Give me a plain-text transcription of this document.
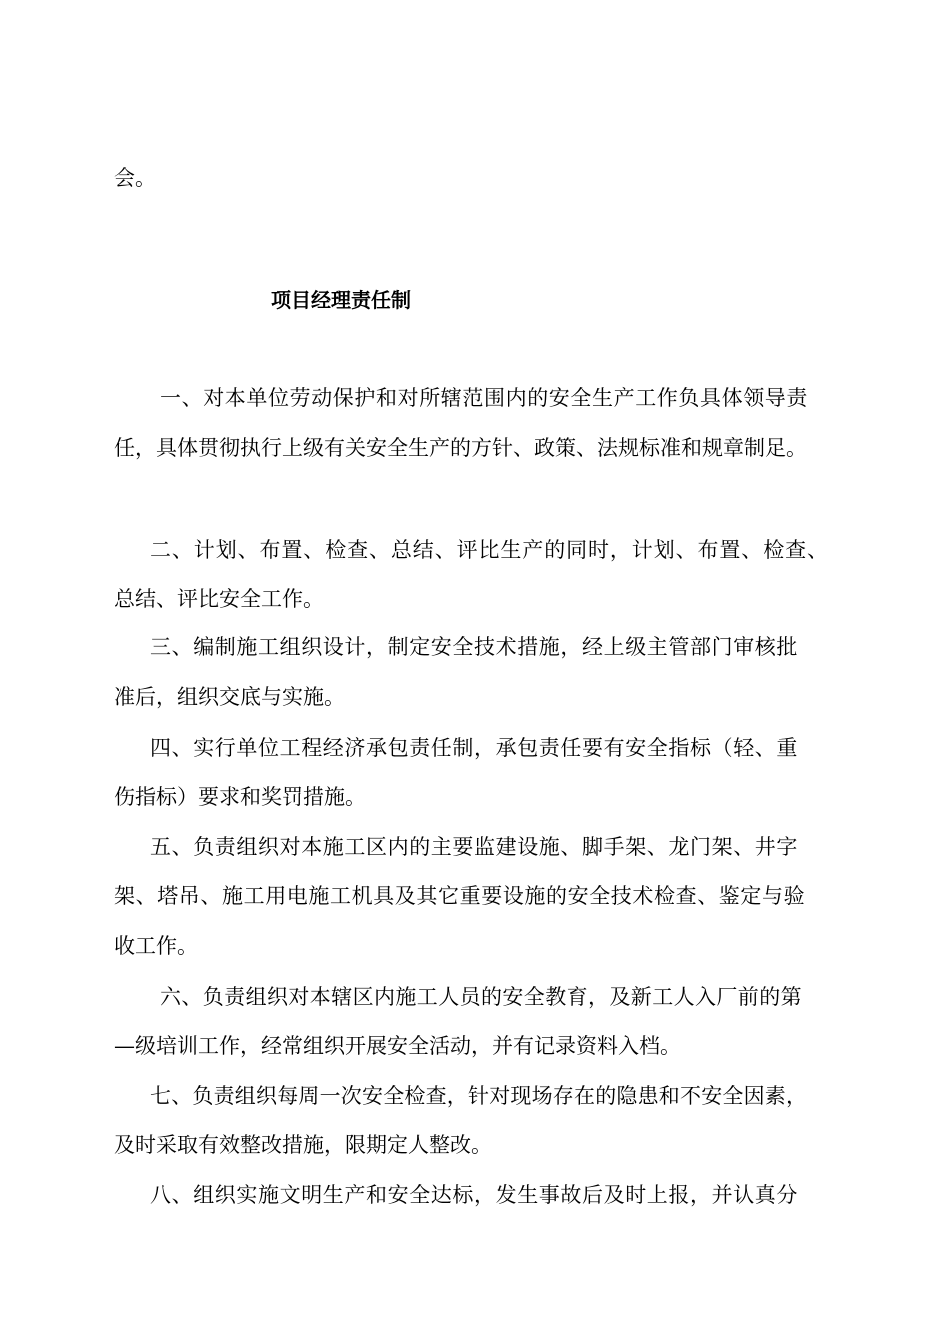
会。

项目经理责任制

一、对本单位劳动保护和对所辖范围内的安全生产工作负具体领导责

任，具体贯彻执行上级有关安全生产的方针、政策、法规标准和规章制足。

二、计划、布置、检查、总结、评比生产的同时，计划、布置、检查、

总结、评比安全工作。

三、编制施工组织设计，制定安全技术措施，经上级主管部门审核批

准后，组织交底与实施。

四、实行单位工程经济承包责任制，承包责任要有安全指标（轻、重

伤指标）要求和奖罚措施。

五、负责组织对本施工区内的主要监建设施、脚手架、龙门架、井字

架、塔吊、施工用电施工机具及其它重要设施的安全技术检查、鉴定与验

收工作。

六、负责组织对本辖区内施工人员的安全教育，及新工人入厂前的第

—级培训工作，经常组织开展安全活动，并有记录资料入档。

七、负责组织每周一次安全检查，针对现场存在的隐患和不安全因素，

及时采取有效整改措施，限期定人整改。

八、组织实施文明生产和安全达标，发生事故后及时上报，并认真分
